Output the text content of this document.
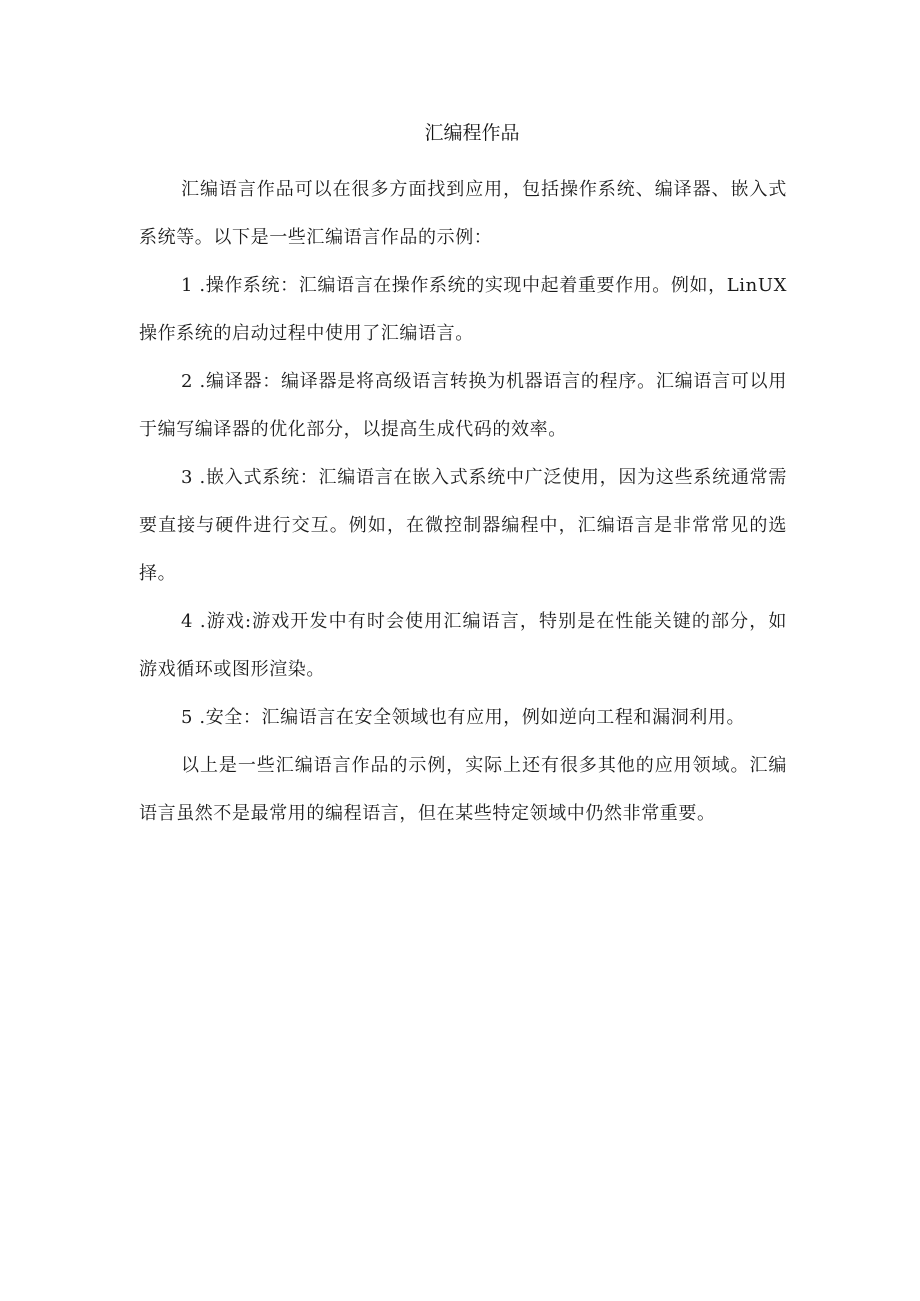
汇编程作品

汇编语言作品可以在很多方面找到应用，包括操作系统、编译器、嵌入式系统等。以下是一些汇编语言作品的示例：

1 .操作系统：汇编语言在操作系统的实现中起着重要作用。例如，LinUX操作系统的启动过程中使用了汇编语言。

2 .编译器：编译器是将高级语言转换为机器语言的程序。汇编语言可以用于编写编译器的优化部分，以提高生成代码的效率。

3 .嵌入式系统：汇编语言在嵌入式系统中广泛使用，因为这些系统通常需要直接与硬件进行交互。例如，在微控制器编程中，汇编语言是非常常见的选择。

4 .游戏:游戏开发中有时会使用汇编语言，特别是在性能关键的部分，如游戏循环或图形渲染。

5 .安全：汇编语言在安全领域也有应用，例如逆向工程和漏洞利用。

以上是一些汇编语言作品的示例，实际上还有很多其他的应用领域。汇编语言虽然不是最常用的编程语言，但在某些特定领域中仍然非常重要。
